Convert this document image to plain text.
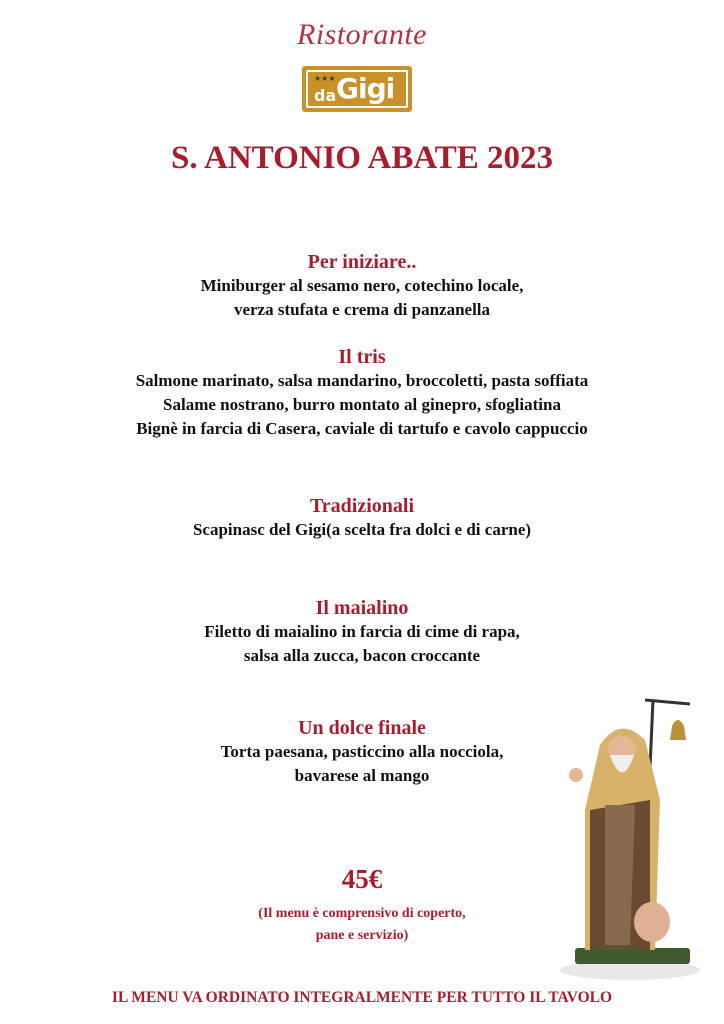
Ristorante
★★★
da Gigi
S. ANTONIO ABATE 2023
Per iniziare..
Miniburger al sesamo nero, cotechino locale,
verza stufata e crema di panzanella
Il tris
Salmone marinato, salsa mandarino, broccoletti, pasta soffiata
Salame nostrano, burro montato al ginepro, sfogliatina
Bignè in farcia di Casera, caviale di tartufo e cavolo cappuccio
Tradizionali
Scapinasc del Gigi(a scelta fra dolci e di carne)
Il maialino
Filetto di maialino in farcia di cime di rapa,
salsa alla zucca, bacon croccante
Un dolce finale
Torta paesana, pasticcino alla nocciola,
bavarese al mango
45€
(Il menu è comprensivo di coperto,
pane e servizio)
IL MENU VA ORDINATO INTEGRALMENTE PER TUTTO IL TAVOLO
